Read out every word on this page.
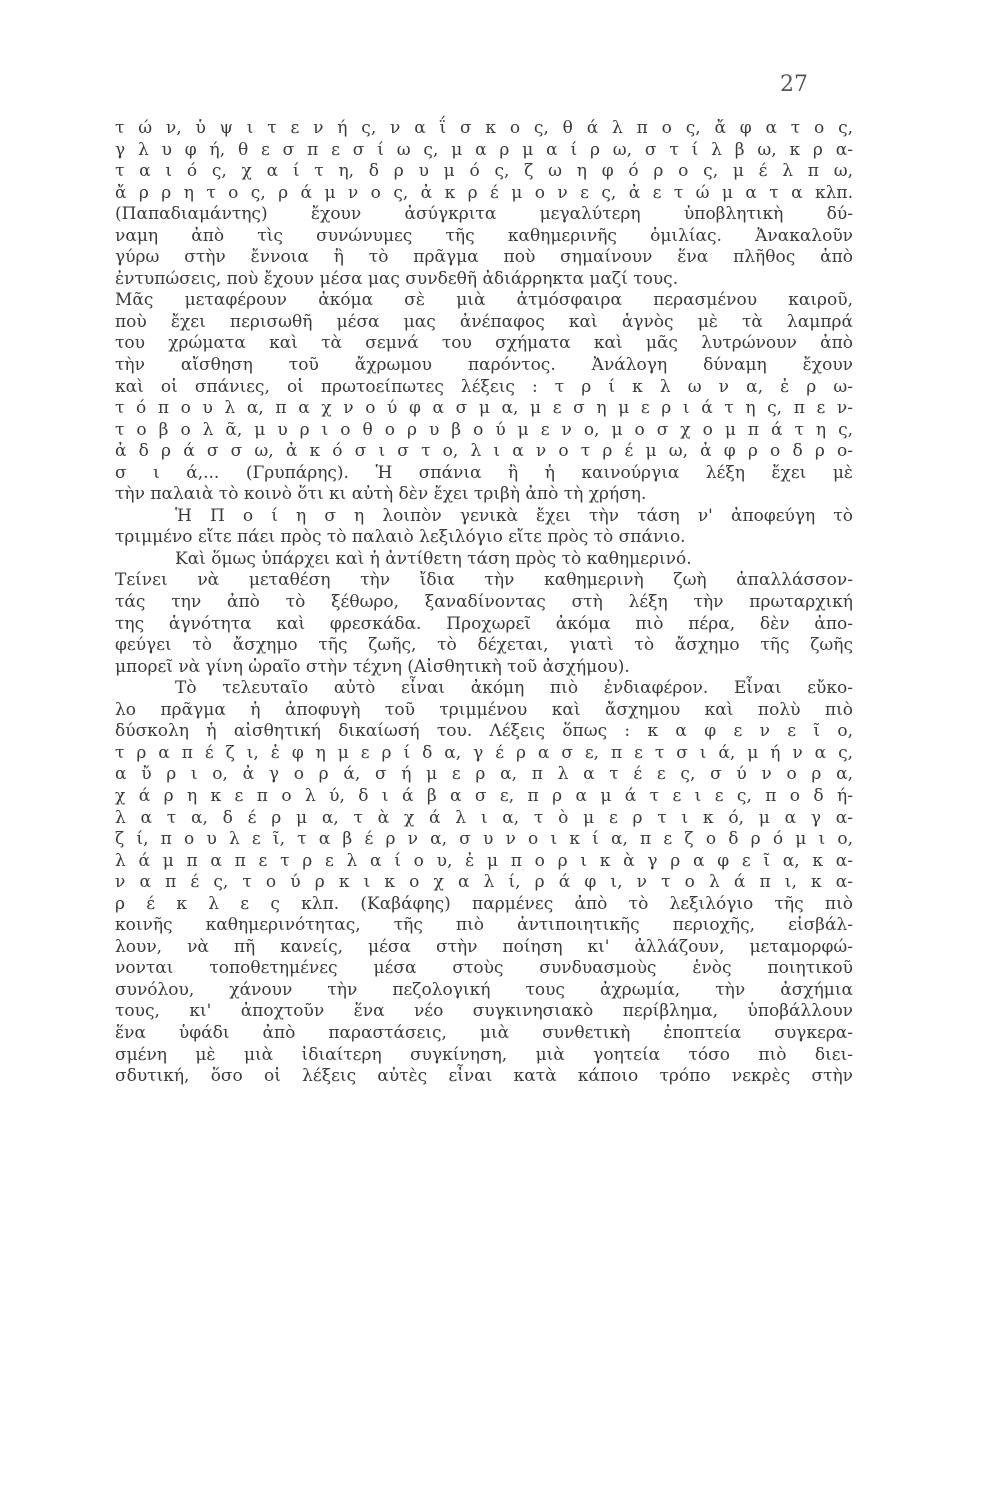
27
τ ώ ν, ὑ ψ ι τ ε ν ή ς, ν α ΐ σ κ ο ς, θ ά λ π ο ς, ἄ φ α τ ο ς,
γ λ υ φ ή, θ ε σ π ε σ ί ω ς, μ α ρ μ α ί ρ ω, σ τ ί λ β ω, κ ρ α-
τ α ι ό ς, χ α ί τ η, δ ρ υ μ ό ς, ζ ω η φ ό ρ ο ς, μ έ λ π ω,
ἄ ρ ρ η τ ο ς, ρ ά μ ν ο ς, ἀ κ ρ έ μ ο ν ε ς, ἀ ε τ ώ μ α τ α κλπ.
(Παπαδιαμάντης) ἔχουν ἀσύγκριτα μεγαλύτερη ὑποβλητικὴ δύ-
ναμη ἀπὸ τὶς συνώνυμες τῆς καθημερινῆς ὁμιλίας. Ἀνακαλοῦν
γύρω στὴν ἔννοια ἢ τὸ πρᾶγμα ποὺ σημαίνουν ἕνα πλῆθος ἀπὸ
ἐντυπώσεις, ποὺ ἔχουν μέσα μας συνδεθῆ ἀδιάρρηκτα μαζί τους.
Μᾶς μεταφέρουν ἀκόμα σὲ μιὰ ἀτμόσφαιρα περασμένου καιροῦ,
ποὺ ἔχει περισωθῆ μέσα μας ἀνέπαφος καὶ ἁγνὸς μὲ τὰ λαμπρά
του χρώματα καὶ τὰ σεμνά του σχήματα καὶ μᾶς λυτρώνουν ἀπὸ
τὴν αἴσθηση τοῦ ἄχρωμου παρόντος. Ἀνάλογη δύναμη ἔχουν
καὶ οἱ σπάνιες, οἱ πρωτοείπωτες λέξεις : τ ρ ί κ λ ω ν α, ἐ ρ ω-
τ ό π ο υ λ α, π α χ ν ο ύ φ α σ μ α, μ ε σ η μ ε ρ ι ά τ η ς, π ε ν-
τ ο β ο λ ᾶ, μ υ ρ ι ο θ ο ρ υ β ο ύ μ ε ν ο, μ ο σ χ ο μ π ά τ η ς,
ἀ δ ρ ά σ σ ω, ἀ κ ό σ ι σ τ ο, λ ι α ν ο τ ρ έ μ ω, ἀ φ ρ ο δ ρ ο-
σ ι ά,... (Γρυπάρης). Ἡ σπάνια ἢ ἡ καινούργια λέξη ἔχει μὲ
τὴν παλαιὰ τὸ κοινὸ ὅτι κι αὐτὴ δὲν ἔχει τριβὴ ἀπὸ τὴ χρήση.
Ἡ Π ο ί η σ η λοιπὸν γενικὰ ἔχει τὴν τάση ν' ἀποφεύγη τὸ
τριμμένο εἴτε πάει πρὸς τὸ παλαιὸ λεξιλόγιο εἴτε πρὸς τὸ σπάνιο.
Καὶ ὅμως ὑπάρχει καὶ ἡ ἀντίθετη τάση πρὸς τὸ καθημερινό.
Τείνει νὰ μεταθέση τὴν ἴδια τὴν καθημερινὴ ζωὴ ἀπαλλάσσον-
τάς την ἀπὸ τὸ ξέθωρο, ξαναδίνοντας στὴ λέξη τὴν πρωταρχική
της ἁγνότητα καὶ φρεσκάδα. Προχωρεῖ ἀκόμα πιὸ πέρα, δὲν ἀπο-
φεύγει τὸ ἄσχημο τῆς ζωῆς, τὸ δέχεται, γιατὶ τὸ ἄσχημο τῆς ζωῆς
μπορεῖ νὰ γίνη ὡραῖο στὴν τέχνη (Αἰσθητικὴ τοῦ ἀσχήμου).
Τὸ τελευταῖο αὐτὸ εἶναι ἀκόμη πιὸ ἐνδιαφέρον. Εἶναι εὔκο-
λο πρᾶγμα ἡ ἀποφυγὴ τοῦ τριμμένου καὶ ἄσχημου καὶ πολὺ πιὸ
δύσκολη ἡ αἰσθητική δικαίωσή του. Λέξεις ὅπως : κ α φ ε ν ε ῖ ο,
τ ρ α π έ ζ ι, ἐ φ η μ ε ρ ί δ α, γ έ ρ α σ ε, π ε τ σ ι ά, μ ή ν α ς,
α ὔ ρ ι ο, ἀ γ ο ρ ά, σ ή μ ε ρ α, π λ α τ έ ε ς, σ ύ ν ο ρ α,
χ ά ρ η κ ε π ο λ ύ, δ ι ά β α σ ε, π ρ α μ ά τ ε ι ε ς, π ο δ ή-
λ α τ α, δ έ ρ μ α, τ ὰ χ ά λ ι α, τ ὸ μ ε ρ τ ι κ ό, μ α γ α-
ζ ί, π ο υ λ ε ῖ, τ α β έ ρ ν α, σ υ ν ο ι κ ί α, π ε ζ ο δ ρ ό μ ι ο,
λ ά μ π α π ε τ ρ ε λ α ί ο υ, ἐ μ π ο ρ ι κ ὰ γ ρ α φ ε ῖ α, κ α-
ν α π έ ς, τ ο ύ ρ κ ι κ ο χ α λ ί, ρ ά φ ι, ν τ ο λ ά π ι, κ α-
ρ έ κ λ ε ς κλπ. (Καβάφης) παρμένες ἀπὸ τὸ λεξιλόγιο τῆς πιὸ
κοινῆς καθημερινότητας, τῆς πιὸ ἀντιποιητικῆς περιοχῆς, εἰσβάλ-
λουν, νὰ πῆ κανείς, μέσα στὴν ποίηση κι' ἀλλάζουν, μεταμορφώ-
νονται τοποθετημένες μέσα στοὺς συνδυασμοὺς ἑνὸς ποιητικοῦ
συνόλου, χάνουν τὴν πεζολογική τους ἀχρωμία, τὴν ἀσχήμια
τους, κι' ἀποχτοῦν ἕνα νέο συγκινησιακὸ περίβλημα, ὑποβάλλουν
ἕνα ὑφάδι ἀπὸ παραστάσεις, μιὰ συνθετικὴ ἐποπτεία συγκερα-
σμένη μὲ μιὰ ἰδιαίτερη συγκίνηση, μιὰ γοητεία τόσο πιὸ διει-
σδυτική, ὅσο οἱ λέξεις αὐτὲς εἶναι κατὰ κάποιο τρόπο νεκρὲς στὴν
